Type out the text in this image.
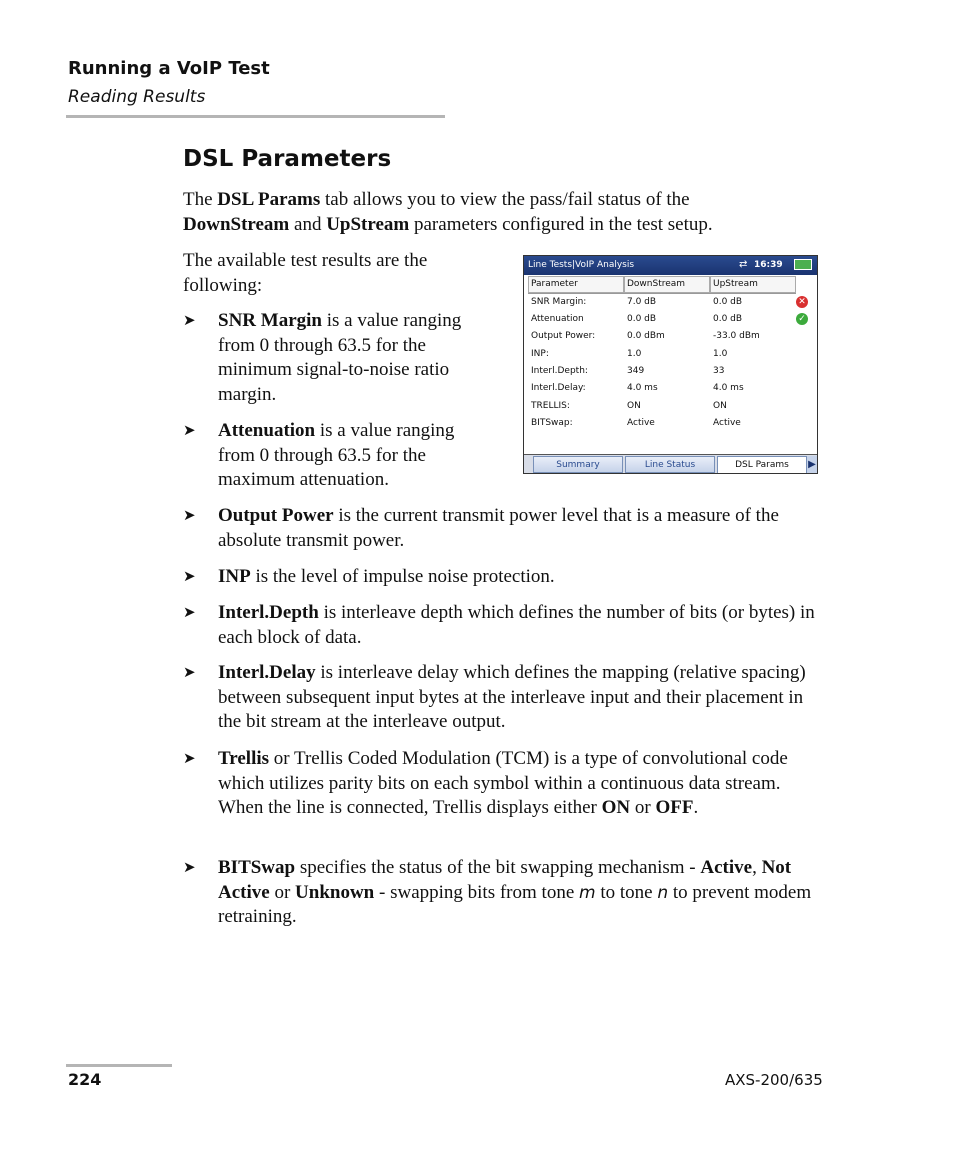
Running a VoIP Test
Reading Results
DSL Parameters

The DSL Params tab allows you to view the pass/fail status of the DownStream and UpStream parameters configured in the test setup.

The available test results are the following:

➤ SNR Margin is a value ranging from 0 through 63.5 for the minimum signal-to-noise ratio margin.
➤ Attenuation is a value ranging from 0 through 63.5 for the maximum attenuation.
➤ Output Power is the current transmit power level that is a measure of the absolute transmit power.
➤ INP is the level of impulse noise protection.
➤ Interl.Depth is interleave depth which defines the number of bits (or bytes) in each block of data.
➤ Interl.Delay is interleave delay which defines the mapping (relative spacing) between subsequent input bytes at the interleave input and their placement in the bit stream at the interleave output.
➤ Trellis or Trellis Coded Modulation (TCM) is a type of convolutional code which utilizes parity bits on each symbol within a continuous data stream. When the line is connected, Trellis displays either ON or OFF.
➤ BITSwap specifies the status of the bit swapping mechanism - Active, Not Active or Unknown - swapping bits from tone m to tone n to prevent modem retraining.
Line Tests|VoIP Analysis	⇄ 16:39
Parameter	DownStream	UpStream
SNR Margin:	7.0 dB	0.0 dB	✕
Attenuation	0.0 dB	0.0 dB	✓
Output Power:	0.0 dBm	-33.0 dBm
INP:	1.0	1.0
Interl.Depth:	349	33
Interl.Delay:	4.0 ms	4.0 ms
TRELLIS:	ON	ON
BITSwap:	Active	Active
Summary	Line Status	DSL Params	▶
224	AXS-200/635
